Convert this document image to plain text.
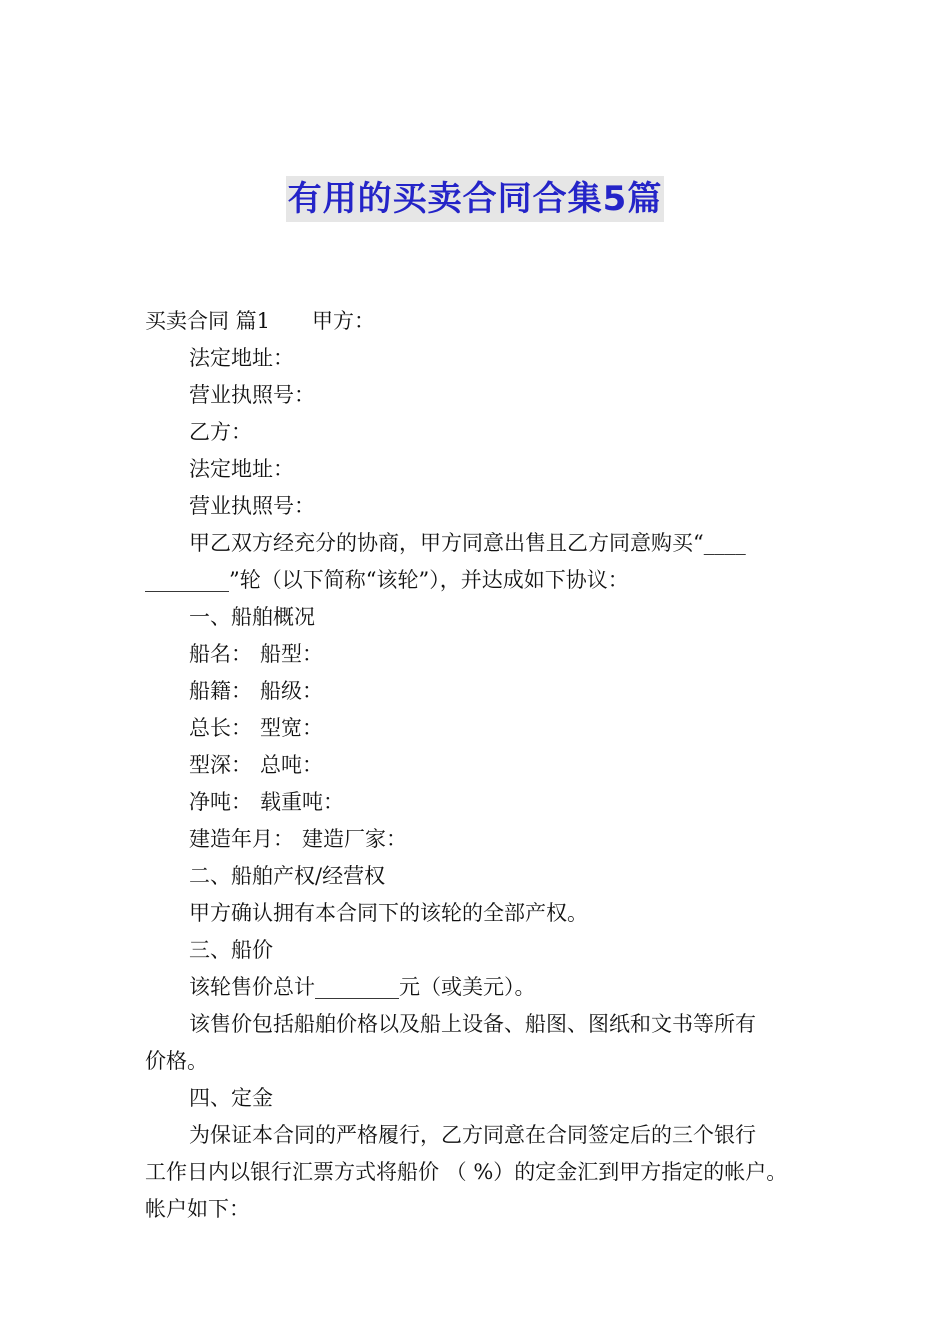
有用的买卖合同合集5篇

买卖合同 篇1 甲方：

法定地址：

营业执照号：

乙方：

法定地址：

营业执照号：

甲乙双方经充分的协商，甲方同意出售且乙方同意购买“____

________”轮（以下简称“该轮”），并达成如下协议：

一、船舶概况

船名： 船型：

船籍： 船级：

总长： 型宽：

型深： 总吨：

净吨： 载重吨：

建造年月： 建造厂家：

二、船舶产权/经营权

甲方确认拥有本合同下的该轮的全部产权。

三、船价

该轮售价总计________元（或美元）。

该售价包括船舶价格以及船上设备、船图、图纸和文书等所有

价格。

四、定金

为保证本合同的严格履行，乙方同意在合同签定后的三个银行

工作日内以银行汇票方式将船价 （ %）的定金汇到甲方指定的帐户。

帐户如下：
